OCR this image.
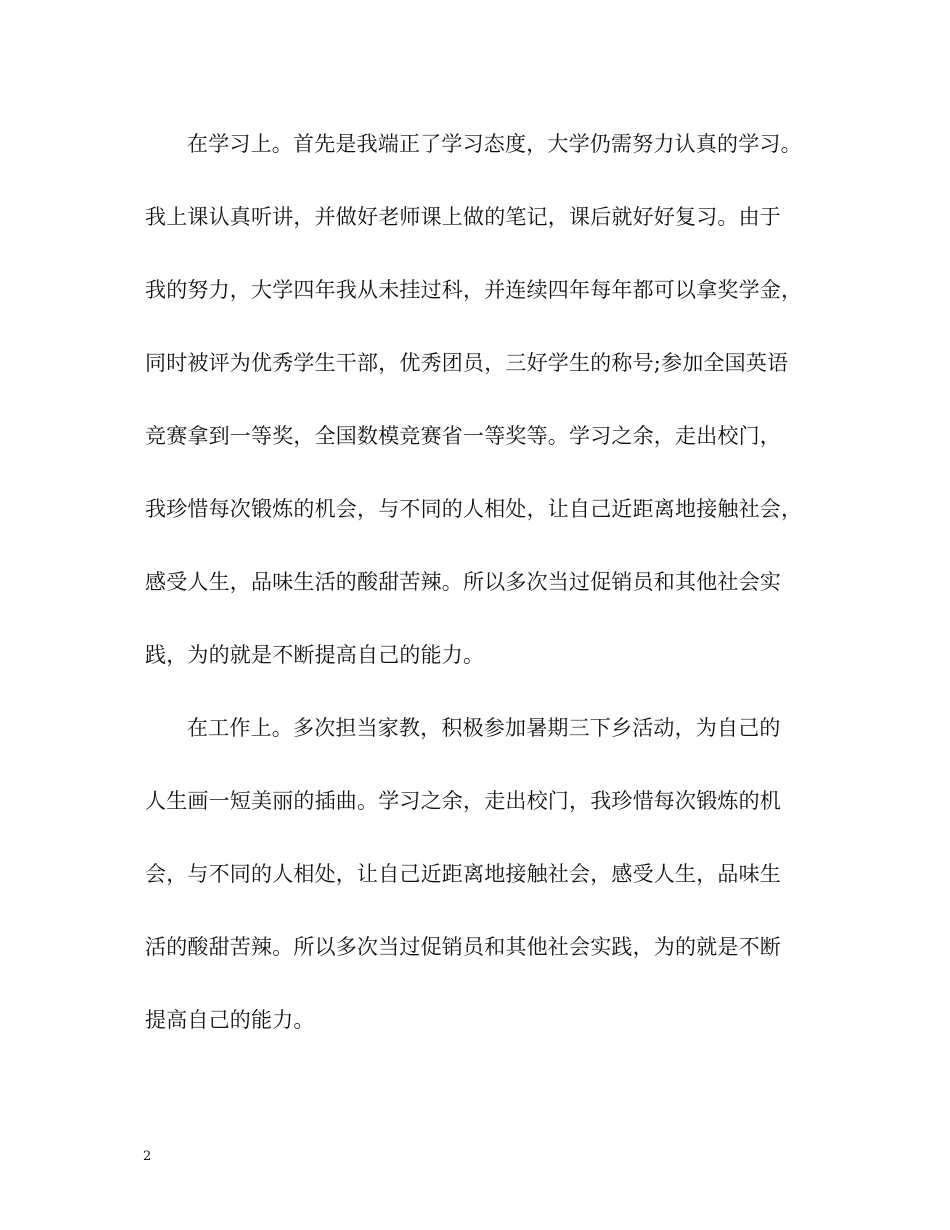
在学习上。首先是我端正了学习态度，大学仍需努力认真的学习。
我上课认真听讲，并做好老师课上做的笔记，课后就好好复习。由于
我的努力，大学四年我从未挂过科，并连续四年每年都可以拿奖学金，
同时被评为优秀学生干部，优秀团员，三好学生的称号;参加全国英语
竞赛拿到一等奖，全国数模竞赛省一等奖等。学习之余，走出校门，
我珍惜每次锻炼的机会，与不同的人相处，让自己近距离地接触社会，
感受人生，品味生活的酸甜苦辣。所以多次当过促销员和其他社会实
践，为的就是不断提高自己的能力。
在工作上。多次担当家教，积极参加暑期三下乡活动，为自己的
人生画一短美丽的插曲。学习之余，走出校门，我珍惜每次锻炼的机
会，与不同的人相处，让自己近距离地接触社会，感受人生，品味生
活的酸甜苦辣。所以多次当过促销员和其他社会实践，为的就是不断
提高自己的能力。
2
